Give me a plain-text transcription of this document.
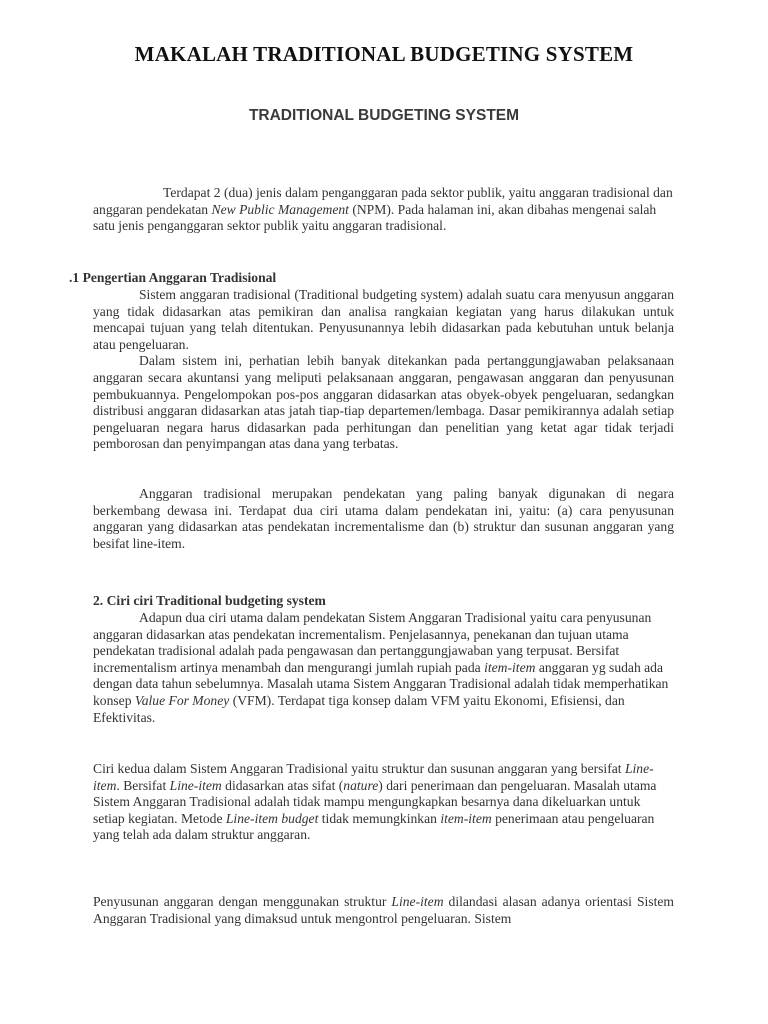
MAKALAH TRADITIONAL BUDGETING SYSTEM
TRADITIONAL BUDGETING SYSTEM

Terdapat 2 (dua) jenis dalam penganggaran pada sektor publik, yaitu anggaran tradisional dan anggaran pendekatan New Public Management (NPM). Pada halaman ini, akan dibahas mengenai salah satu jenis penganggaran sektor publik yaitu anggaran tradisional.

.1 Pengertian Anggaran Tradisional

Sistem anggaran tradisional (Traditional budgeting system) adalah suatu cara menyusun anggaran yang tidak didasarkan atas pemikiran dan analisa rangkaian kegiatan yang harus dilakukan untuk mencapai tujuan yang telah ditentukan. Penyusunannya lebih didasarkan pada kebutuhan untuk belanja atau pengeluaran.

Dalam sistem ini, perhatian lebih banyak ditekankan pada pertanggungjawaban pelaksanaan anggaran secara akuntansi yang meliputi pelaksanaan anggaran, pengawasan anggaran dan penyusunan pembukuannya. Pengelompokan pos-pos anggaran didasarkan atas obyek-obyek pengeluaran, sedangkan distribusi anggaran didasarkan atas jatah tiap-tiap departemen/lembaga. Dasar pemikirannya adalah setiap pengeluaran negara harus didasarkan pada perhitungan dan penelitian yang ketat agar tidak terjadi pemborosan dan penyimpangan atas dana yang terbatas.

Anggaran tradisional merupakan pendekatan yang paling banyak digunakan di negara berkembang dewasa ini. Terdapat dua ciri utama dalam pendekatan ini, yaitu: (a) cara penyusunan anggaran yang didasarkan atas pendekatan incrementalisme dan (b) struktur dan susunan anggaran yang besifat line-item.

2. Ciri ciri Traditional budgeting system

Adapun dua ciri utama dalam pendekatan Sistem Anggaran Tradisional yaitu cara penyusunan anggaran didasarkan atas pendekatan incrementalism. Penjelasannya, penekanan dan tujuan utama pendekatan tradisional adalah pada pengawasan dan pertanggungjawaban yang terpusat. Bersifat incrementalism artinya menambah dan mengurangi jumlah rupiah pada item-item anggaran yg sudah ada dengan data tahun sebelumnya. Masalah utama Sistem Anggaran Tradisional adalah tidak memperhatikan konsep Value For Money (VFM). Terdapat tiga konsep dalam VFM yaitu Ekonomi, Efisiensi, dan Efektivitas.

Ciri kedua dalam Sistem Anggaran Tradisional yaitu struktur dan susunan anggaran yang bersifat Line-item. Bersifat Line-item didasarkan atas sifat (nature) dari penerimaan dan pengeluaran. Masalah utama Sistem Anggaran Tradisional adalah tidak mampu mengungkapkan besarnya dana dikeluarkan untuk setiap kegiatan. Metode Line-item budget tidak memungkinkan item-item penerimaan atau pengeluaran yang telah ada dalam struktur anggaran.

Penyusunan anggaran dengan menggunakan struktur Line-item dilandasi alasan adanya orientasi Sistem Anggaran Tradisional yang dimaksud untuk mengontrol pengeluaran. Sistem
